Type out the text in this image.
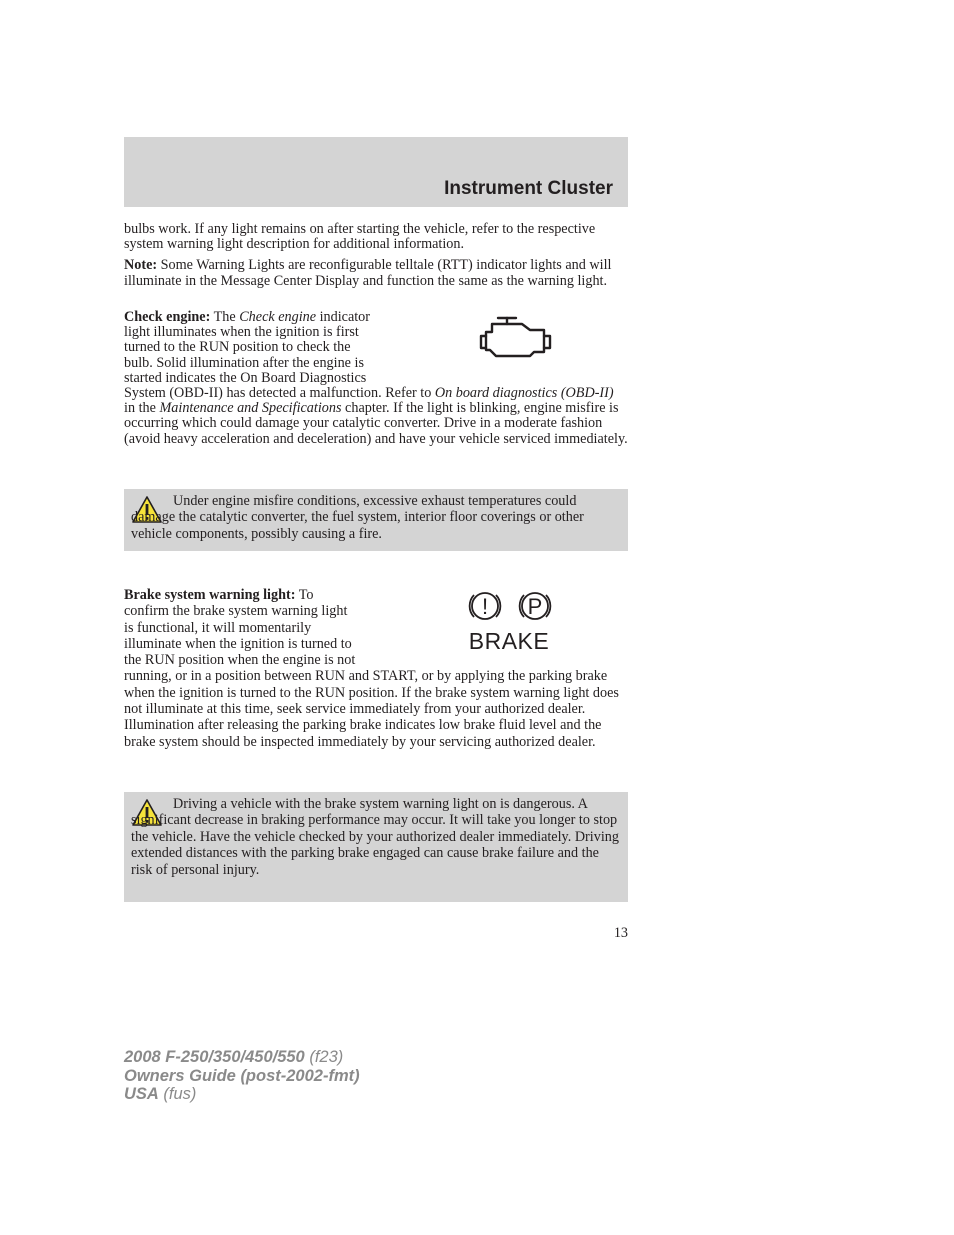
Instrument Cluster

bulbs work. If any light remains on after starting the vehicle, refer to the respective system warning light description for additional information.

Note: Some Warning Lights are reconfigurable telltale (RTT) indicator lights and will illuminate in the Message Center Display and function the same as the warning light.

Check engine: The Check engine indicator light illuminates when the ignition is first turned to the RUN position to check the bulb. Solid illumination after the engine is started indicates the On Board Diagnostics System (OBD-II) has detected a malfunction. Refer to On board diagnostics (OBD-II) in the Maintenance and Specifications chapter. If the light is blinking, engine misfire is occurring which could damage your catalytic converter. Drive in a moderate fashion (avoid heavy acceleration and deceleration) and have your vehicle serviced immediately.

Under engine misfire conditions, excessive exhaust temperatures could damage the catalytic converter, the fuel system, interior floor coverings or other vehicle components, possibly causing a fire.

! P
BRAKE

Brake system warning light: To confirm the brake system warning light is functional, it will momentarily illuminate when the ignition is turned to the RUN position when the engine is not running, or in a position between RUN and START, or by applying the parking brake when the ignition is turned to the RUN position. If the brake system warning light does not illuminate at this time, seek service immediately from your authorized dealer. Illumination after releasing the parking brake indicates low brake fluid level and the brake system should be inspected immediately by your servicing authorized dealer.

Driving a vehicle with the brake system warning light on is dangerous. A significant decrease in braking performance may occur. It will take you longer to stop the vehicle. Have the vehicle checked by your authorized dealer immediately. Driving extended distances with the parking brake engaged can cause brake failure and the risk of personal injury.

13
2008 F-250/350/450/550 (f23)
Owners Guide (post-2002-fmt)
USA (fus)
